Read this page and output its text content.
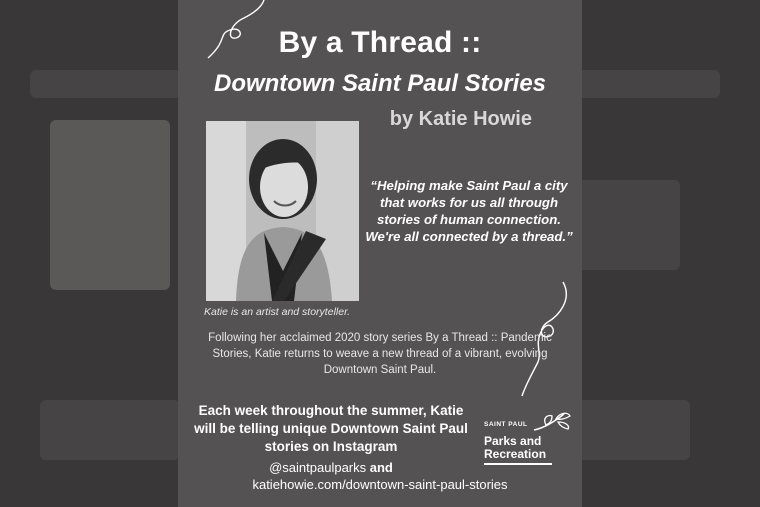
By a Thread ::
Downtown Saint Paul Stories
by Katie Howie
Katie is an artist and storyteller.
“Helping make Saint Paul a city that works for us all through stories of human connection. We're all connected by a thread.”
Following her acclaimed 2020 story series By a Thread :: Pandemic Stories, Katie returns to weave a new thread of a vibrant, evolving Downtown Saint Paul.
Each week throughout the summer, Katie will be telling unique Downtown Saint Paul stories on Instagram
@saintpaulparks and
katiehowie.com/downtown-saint-paul-stories
SAINT PAUL
Parks and
Recreation
